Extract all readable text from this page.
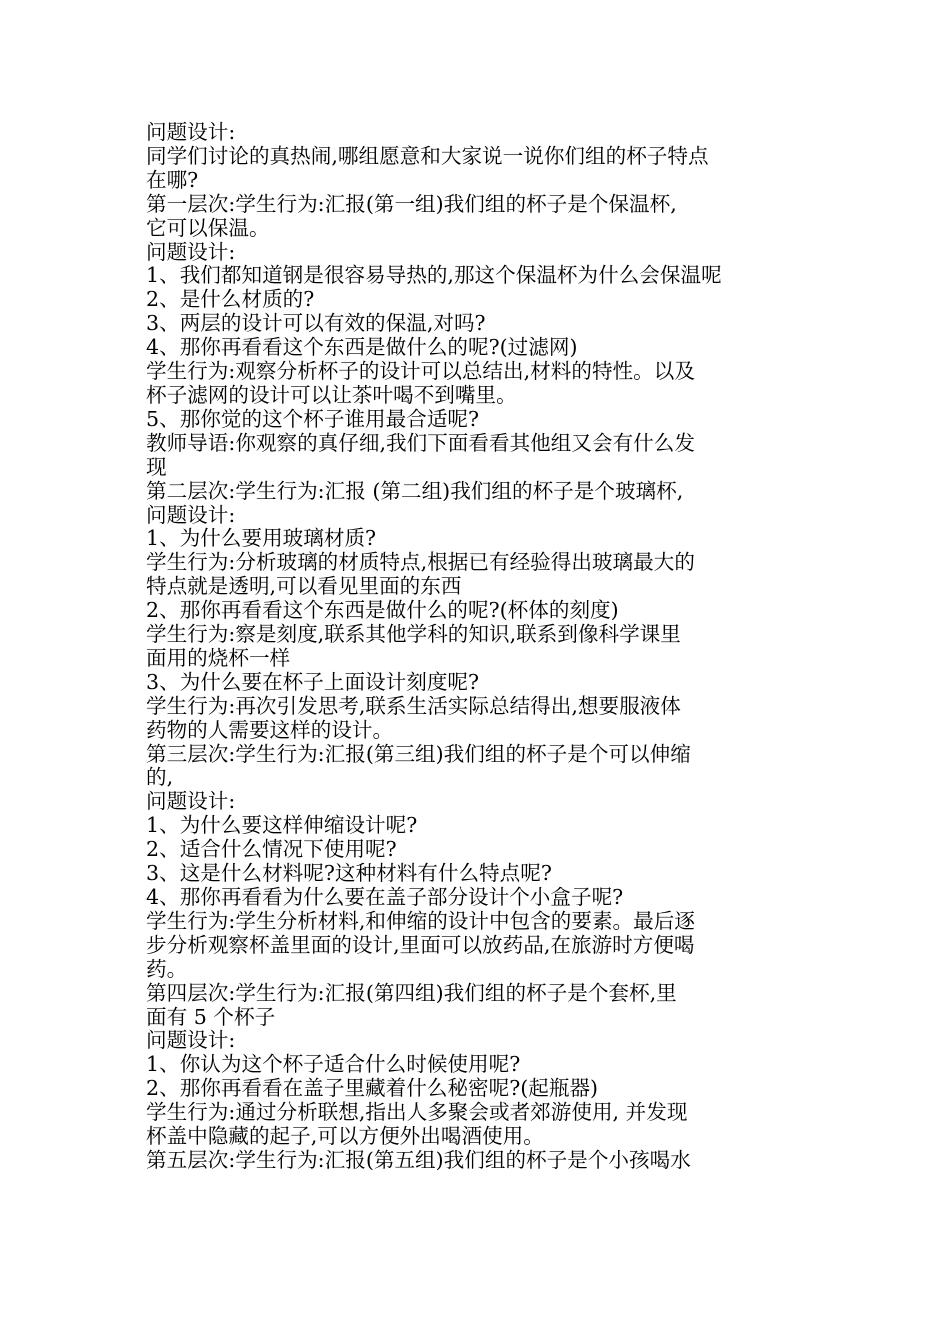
问题设计:
同学们讨论的真热闹,哪组愿意和大家说一说你们组的杯子特点
在哪?
第一层次:学生行为:汇报(第一组)我们组的杯子是个保温杯,
它可以保温。
问题设计:
1、我们都知道钢是很容易导热的,那这个保温杯为什么会保温呢
2、是什么材质的?
3、两层的设计可以有效的保温,对吗?
4、那你再看看这个东西是做什么的呢?(过滤网)
学生行为:观察分析杯子的设计可以总结出,材料的特性。以及
杯子滤网的设计可以让茶叶喝不到嘴里。
5、那你觉的这个杯子谁用最合适呢?
教师导语:你观察的真仔细,我们下面看看其他组又会有什么发
现
第二层次:学生行为:汇报 (第二组)我们组的杯子是个玻璃杯,
问题设计:
1、为什么要用玻璃材质?
学生行为:分析玻璃的材质特点,根据已有经验得出玻璃最大的
特点就是透明,可以看见里面的东西
2、那你再看看这个东西是做什么的呢?(杯体的刻度)
学生行为:察是刻度,联系其他学科的知识,联系到像科学课里
面用的烧杯一样
3、为什么要在杯子上面设计刻度呢?
学生行为:再次引发思考,联系生活实际总结得出,想要服液体
药物的人需要这样的设计。
第三层次:学生行为:汇报(第三组)我们组的杯子是个可以伸缩
的,
问题设计:
1、为什么要这样伸缩设计呢?
2、适合什么情况下使用呢?
3、这是什么材料呢?这种材料有什么特点呢?
4、那你再看看为什么要在盖子部分设计个小盒子呢?
学生行为:学生分析材料,和伸缩的设计中包含的要素。最后逐
步分析观察杯盖里面的设计,里面可以放药品,在旅游时方便喝
药。
第四层次:学生行为:汇报(第四组)我们组的杯子是个套杯,里
面有 5 个杯子
问题设计:
1、你认为这个杯子适合什么时候使用呢?
2、那你再看看在盖子里藏着什么秘密呢?(起瓶器)
学生行为:通过分析联想,指出人多聚会或者郊游使用, 并发现
杯盖中隐藏的起子,可以方便外出喝酒使用。
第五层次:学生行为:汇报(第五组)我们组的杯子是个小孩喝水
